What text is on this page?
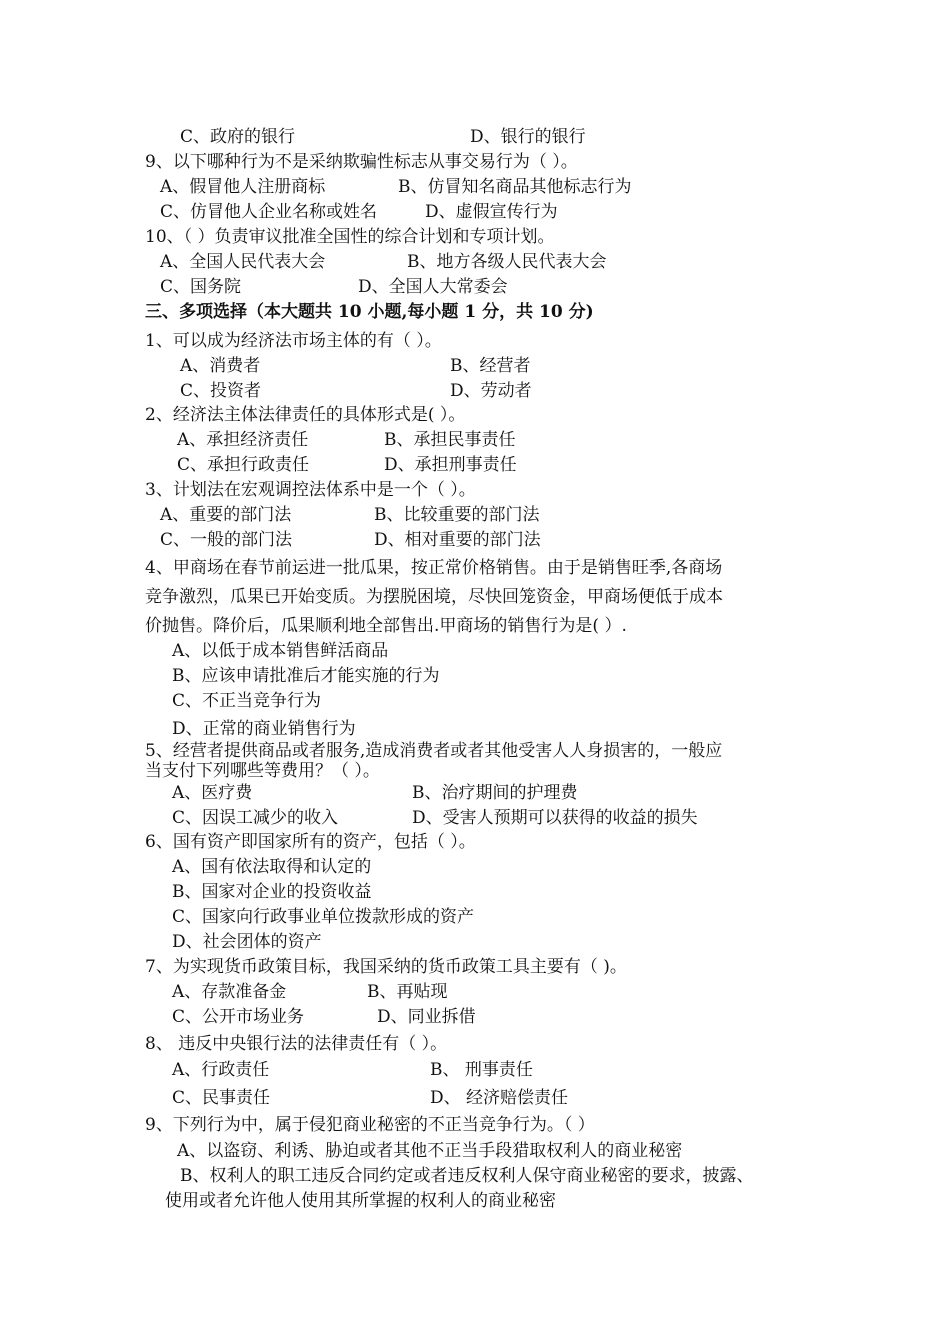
C、政府的银行	D、银行的银行
9、以下哪种行为不是采纳欺骗性标志从事交易行为（ ）。
A、假冒他人注册商标	B、仿冒知名商品其他标志行为
C、仿冒他人企业名称或姓名	D、虚假宣传行为
10、（ ）负责审议批准全国性的综合计划和专项计划。
A、全国人民代表大会	B、地方各级人民代表大会
C、国务院	D、全国人大常委会
三、多项选择（本大题共 10 小题,每小题 1 分，共 10 分)
1、可以成为经济法市场主体的有（ ）。
A、消费者	B、经营者
C、投资者	D、劳动者
2、经济法主体法律责任的具体形式是( ）。
A、承担经济责任	B、承担民事责任
C、承担行政责任	D、承担刑事责任
3、计划法在宏观调控法体系中是一个（ ）。
A、重要的部门法	B、比较重要的部门法
C、一般的部门法	D、相对重要的部门法
4、甲商场在春节前运进一批瓜果，按正常价格销售。由于是销售旺季,各商场
竞争激烈，瓜果已开始变质。为摆脱困境，尽快回笼资金，甲商场便低于成本
价抛售。降价后，瓜果顺利地全部售出.甲商场的销售行为是( ）.
A、以低于成本销售鲜活商品
B、应该申请批准后才能实施的行为
C、不正当竞争行为
D、正常的商业销售行为
5、经营者提供商品或者服务,造成消费者或者其他受害人人身损害的，一般应
当支付下列哪些等费用？（ ）。
A、医疗费	B、治疗期间的护理费
C、因误工减少的收入	D、受害人预期可以获得的收益的损失
6、国有资产即国家所有的资产，包括（ ）。
A、国有依法取得和认定的
B、国家对企业的投资收益
C、国家向行政事业单位拨款形成的资产
D、社会团体的资产
7、为实现货币政策目标，我国采纳的货币政策工具主要有（ )。
A、存款准备金	B、再贴现
C、公开市场业务	D、同业拆借
8、 违反中央银行法的法律责任有（ ）。
A、行政责任	B、 刑事责任
C、民事责任	D、 经济赔偿责任
9、下列行为中，属于侵犯商业秘密的不正当竞争行为。（ ）
A、以盗窃、利诱、胁迫或者其他不正当手段猎取权利人的商业秘密
B、权利人的职工违反合同约定或者违反权利人保守商业秘密的要求，披露、
使用或者允许他人使用其所掌握的权利人的商业秘密
